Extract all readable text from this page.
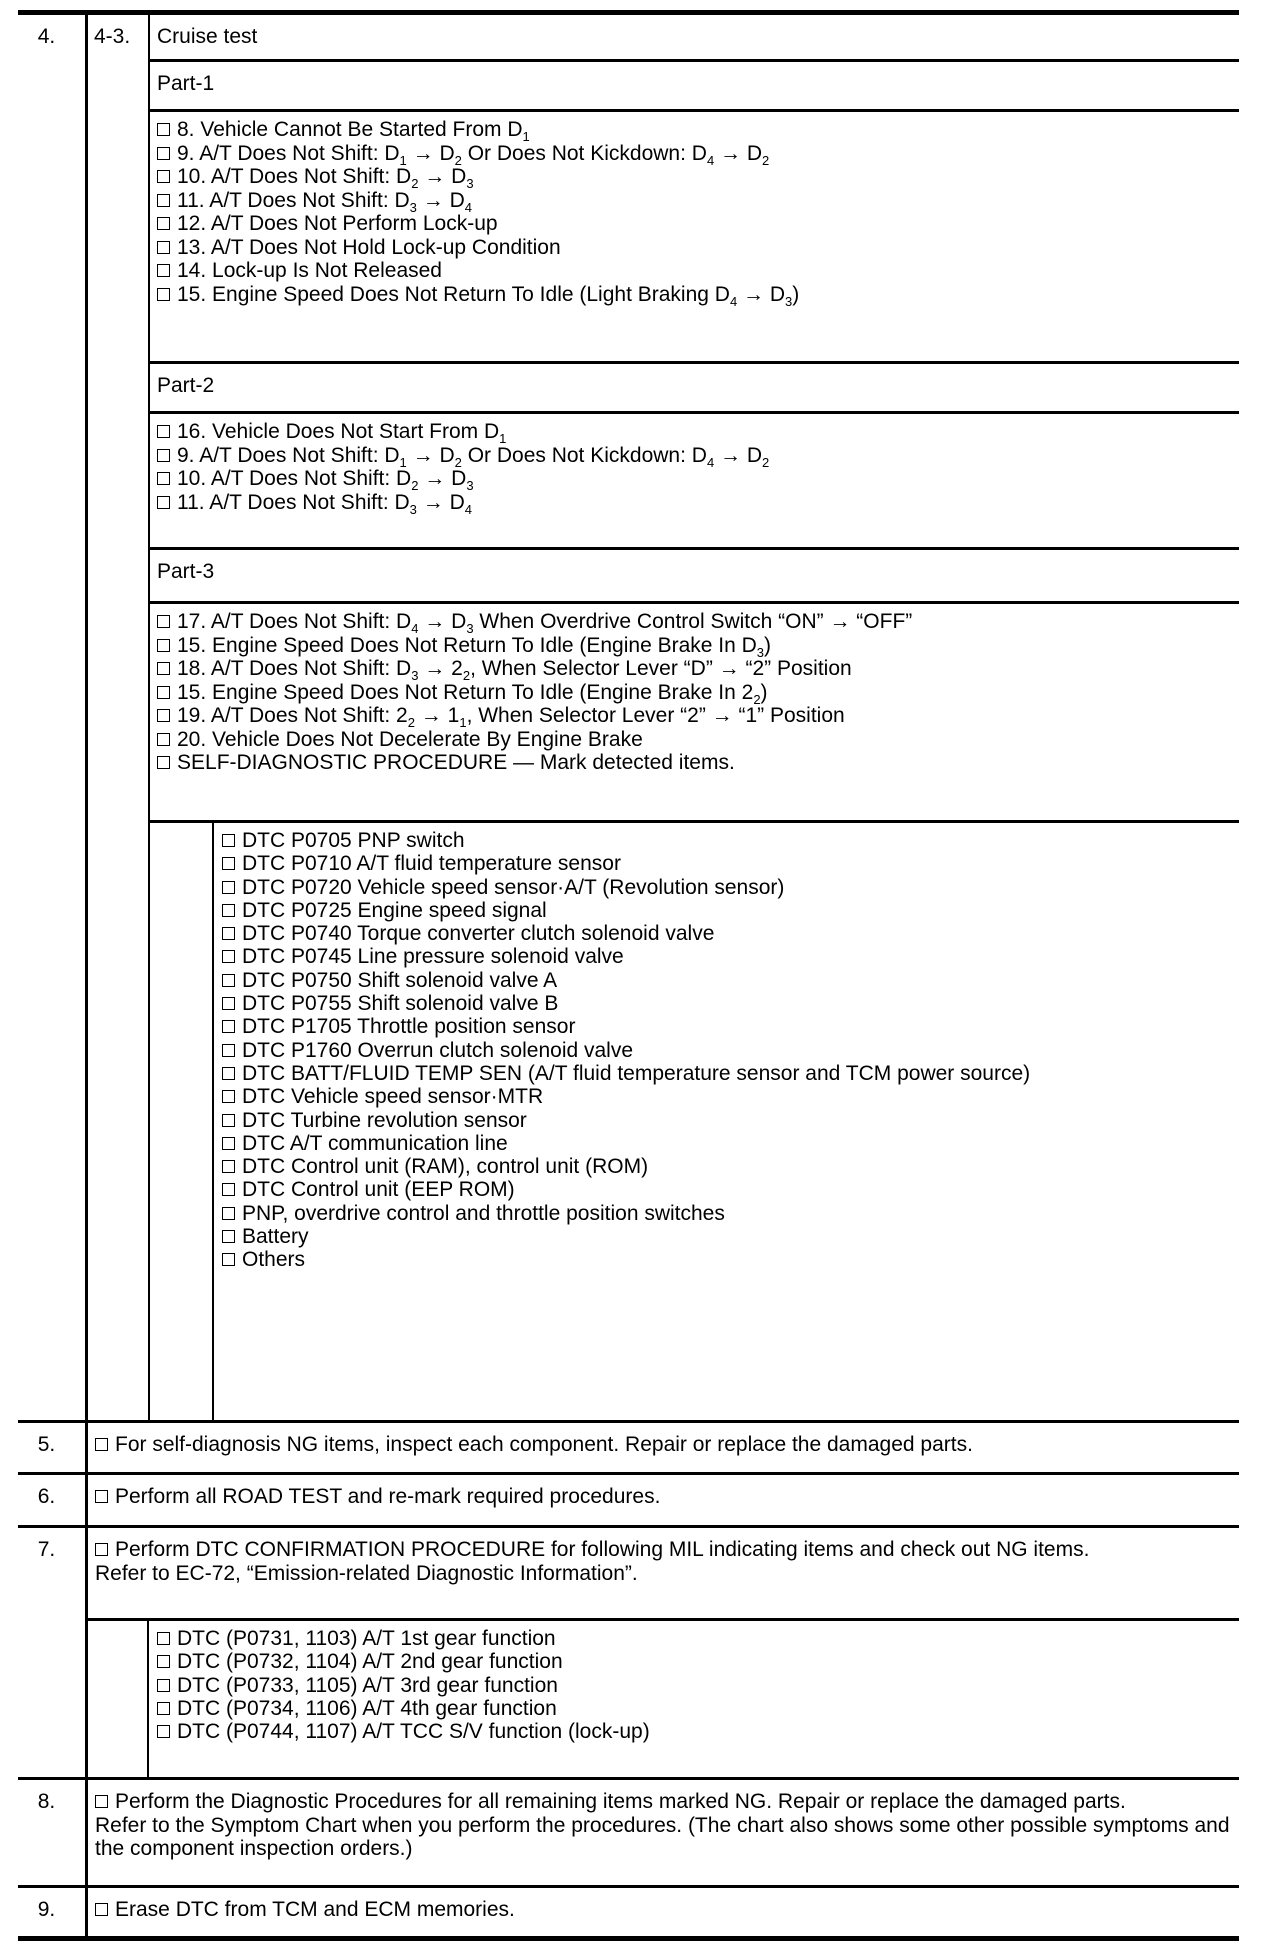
4.	4-3.	Cruise test
Part-1
8. Vehicle Cannot Be Started From $D_1$
9. A/T Does Not Shift: $D_1 \to D_2$ Or Does Not Kickdown: $D_4 \to D_2$
10. A/T Does Not Shift: $D_2 \to D_3$
11. A/T Does Not Shift: $D_3 \to D_4$
12. A/T Does Not Perform Lock-up
13. A/T Does Not Hold Lock-up Condition
14. Lock-up Is Not Released
15. Engine Speed Does Not Return To Idle (Light Braking $D_4 \to D_3$)
Part-2
16. Vehicle Does Not Start From $D_1$
9. A/T Does Not Shift: $D_1 \to D_2$ Or Does Not Kickdown: $D_4 \to D_2$
10. A/T Does Not Shift: $D_2 \to D_3$
11. A/T Does Not Shift: $D_3 \to D_4$
Part-3
17. A/T Does Not Shift: $D_4 \to D_3$ When Overdrive Control Switch “ON” → “OFF”
15. Engine Speed Does Not Return To Idle (Engine Brake In $D_3$)
18. A/T Does Not Shift: $D_3 \to 2_2$, When Selector Lever “D” → “2” Position
15. Engine Speed Does Not Return To Idle (Engine Brake In $2_2$)
19. A/T Does Not Shift: $2_2 \to 1_1$, When Selector Lever “2” → “1” Position
20. Vehicle Does Not Decelerate By Engine Brake
SELF-DIAGNOSTIC PROCEDURE — Mark detected items.
DTC P0705 PNP switch
DTC P0710 A/T fluid temperature sensor
DTC P0720 Vehicle speed sensor·A/T (Revolution sensor)
DTC P0725 Engine speed signal
DTC P0740 Torque converter clutch solenoid valve
DTC P0745 Line pressure solenoid valve
DTC P0750 Shift solenoid valve A
DTC P0755 Shift solenoid valve B
DTC P1705 Throttle position sensor
DTC P1760 Overrun clutch solenoid valve
DTC BATT/FLUID TEMP SEN (A/T fluid temperature sensor and TCM power source)
DTC Vehicle speed sensor·MTR
DTC Turbine revolution sensor
DTC A/T communication line
DTC Control unit (RAM), control unit (ROM)
DTC Control unit (EEP ROM)
PNP, overdrive control and throttle position switches
Battery
Others
5.	For self-diagnosis NG items, inspect each component. Repair or replace the damaged parts.
6.	Perform all ROAD TEST and re-mark required procedures.
7.	Perform DTC CONFIRMATION PROCEDURE for following MIL indicating items and check out NG items.
Refer to EC-72, “Emission-related Diagnostic Information”.
DTC (P0731, 1103) A/T 1st gear function
DTC (P0732, 1104) A/T 2nd gear function
DTC (P0733, 1105) A/T 3rd gear function
DTC (P0734, 1106) A/T 4th gear function
DTC (P0744, 1107) A/T TCC S/V function (lock-up)
8.	Perform the Diagnostic Procedures for all remaining items marked NG. Repair or replace the damaged parts.
Refer to the Symptom Chart when you perform the procedures. (The chart also shows some other possible symptoms and the component inspection orders.)
9.	Erase DTC from TCM and ECM memories.
